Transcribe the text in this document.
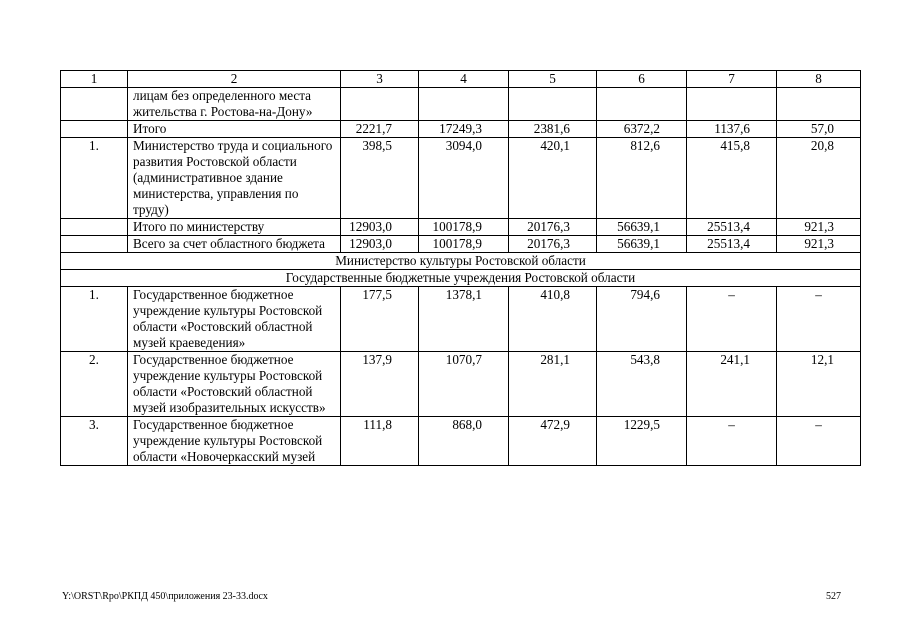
1	2	3	4	5	6	7	8
	лицам без определенного места жительства г. Ростова-на-Дону»						
	Итого	2221,7	17249,3	2381,6	6372,2	1137,6	57,0
1.	Министерство труда и социального развития Ростовской области (административное здание министерства, управления по труду)	398,5	3094,0	420,1	812,6	415,8	20,8
	Итого по министерству	12903,0	100178,9	20176,3	56639,1	25513,4	921,3
	Всего за счет областного бюджета	12903,0	100178,9	20176,3	56639,1	25513,4	921,3
Министерство культуры Ростовской области							
Государственные бюджетные учреждения Ростовской области							
1.	Государственное бюджетное учреждение культуры Ростовской области «Ростовский областной музей краеведения»	177,5	1378,1	410,8	794,6	–	–
2.	Государственное бюджетное учреждение культуры Ростовской области «Ростовский областной музей изобразительных искусств»	137,9	1070,7	281,1	543,8	241,1	12,1
3.	Государственное бюджетное учреждение культуры Ростовской области «Новочеркасский музей	111,8	868,0	472,9	1229,5	–	–
Y:\ORST\Rpo\РКПД 450\приложения 23-33.docx	527
